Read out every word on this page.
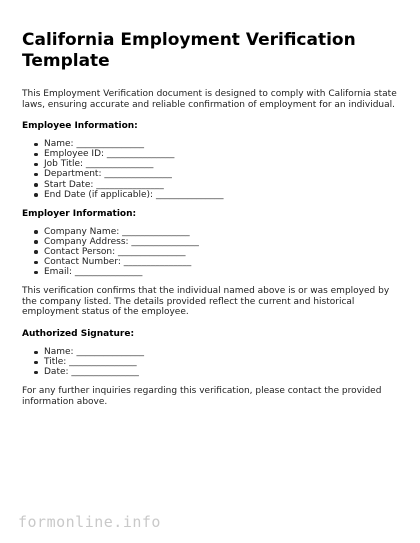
California Employment Verification Template

This Employment Verification document is designed to comply with California state laws, ensuring accurate and reliable confirmation of employment for an individual.

Employee Information:
Name: _______________
Employee ID: _______________
Job Title: _______________
Department: _______________
Start Date: _______________
End Date (if applicable): _______________
Employer Information:
Company Name: _______________
Company Address: _______________
Contact Person: _______________
Contact Number: _______________
Email: _______________

This verification confirms that the individual named above is or was employed by the company listed. The details provided reflect the current and historical employment status of the employee.

Authorized Signature:
Name: _______________
Title: _______________
Date: _______________

For any further inquiries regarding this verification, please contact the provided information above.

formonline.info
